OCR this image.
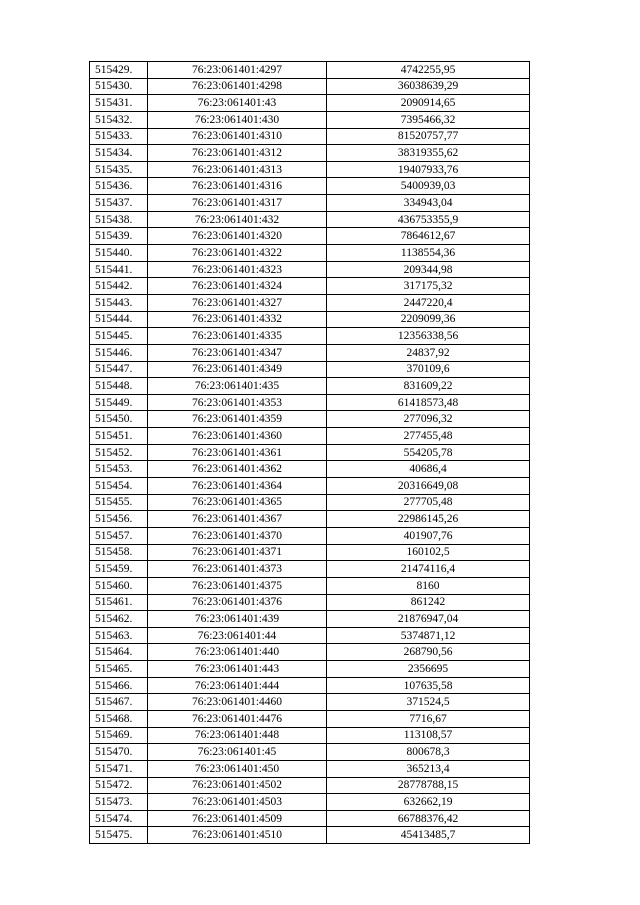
515429.	76:23:061401:4297	4742255,95
515430.	76:23:061401:4298	36038639,29
515431.	76:23:061401:43	2090914,65
515432.	76:23:061401:430	7395466,32
515433.	76:23:061401:4310	81520757,77
515434.	76:23:061401:4312	38319355,62
515435.	76:23:061401:4313	19407933,76
515436.	76:23:061401:4316	5400939,03
515437.	76:23:061401:4317	334943,04
515438.	76:23:061401:432	436753355,9
515439.	76:23:061401:4320	7864612,67
515440.	76:23:061401:4322	1138554,36
515441.	76:23:061401:4323	209344,98
515442.	76:23:061401:4324	317175,32
515443.	76:23:061401:4327	2447220,4
515444.	76:23:061401:4332	2209099,36
515445.	76:23:061401:4335	12356338,56
515446.	76:23:061401:4347	24837,92
515447.	76:23:061401:4349	370109,6
515448.	76:23:061401:435	831609,22
515449.	76:23:061401:4353	61418573,48
515450.	76:23:061401:4359	277096,32
515451.	76:23:061401:4360	277455,48
515452.	76:23:061401:4361	554205,78
515453.	76:23:061401:4362	40686,4
515454.	76:23:061401:4364	20316649,08
515455.	76:23:061401:4365	277705,48
515456.	76:23:061401:4367	22986145,26
515457.	76:23:061401:4370	401907,76
515458.	76:23:061401:4371	160102,5
515459.	76:23:061401:4373	21474116,4
515460.	76:23:061401:4375	8160
515461.	76:23:061401:4376	861242
515462.	76:23:061401:439	21876947,04
515463.	76:23:061401:44	5374871,12
515464.	76:23:061401:440	268790,56
515465.	76:23:061401:443	2356695
515466.	76:23:061401:444	107635,58
515467.	76:23:061401:4460	371524,5
515468.	76:23:061401:4476	7716,67
515469.	76:23:061401:448	113108,57
515470.	76:23:061401:45	800678,3
515471.	76:23:061401:450	365213,4
515472.	76:23:061401:4502	28778788,15
515473.	76:23:061401:4503	632662,19
515474.	76:23:061401:4509	66788376,42
515475.	76:23:061401:4510	45413485,7
